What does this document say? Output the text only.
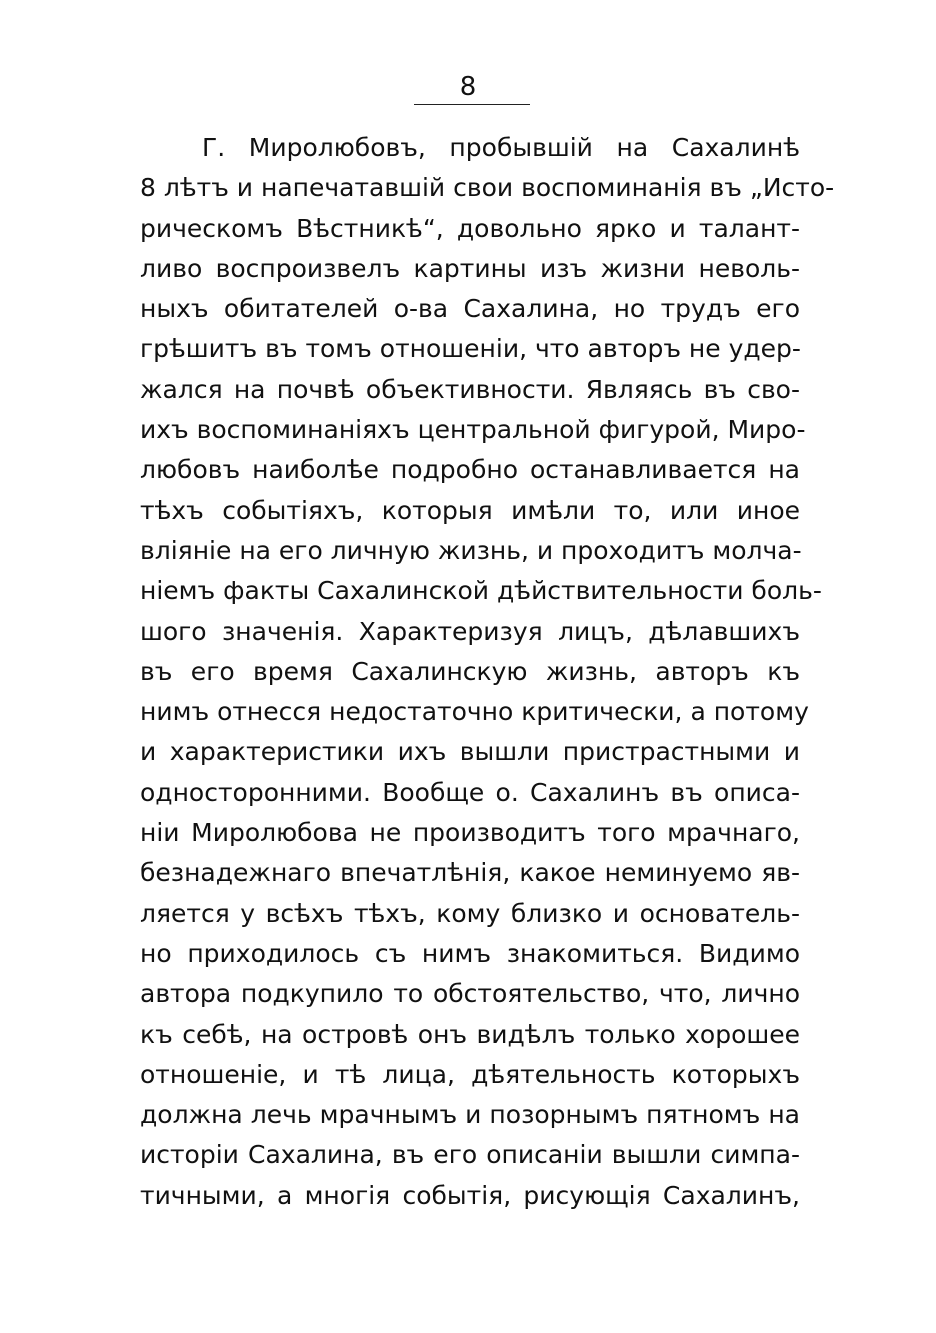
8
Г. Миролюбовъ, пробывшій на Сахалинѣ
8 лѣтъ и напечатавшій свои воспоминанія въ „Исто-
рическомъ Вѣстникѣ“, довольно ярко и талант-
ливо воспроизвелъ картины изъ жизни неволь-
ныхъ обитателей о-ва Сахалина, но трудъ его
грѣшитъ въ томъ отношеніи, что авторъ не удер-
жался на почвѣ объективности. Являясь въ сво-
ихъ воспоминаніяхъ центральной фигурой, Миро-
любовъ наиболѣе подробно останавливается на
тѣхъ событіяхъ, которыя имѣли то, или иное
вліяніе на его личную жизнь, и проходитъ молча-
ніемъ факты Сахалинской дѣйствительности боль-
шого значенія. Характеризуя лицъ, дѣлавшихъ
въ его время Сахалинскую жизнь, авторъ къ
нимъ отнесся недостаточно критически, а потому
и характеристики ихъ вышли пристрастными и
односторонними. Вообще о. Сахалинъ въ описа-
ніи Миролюбова не производитъ того мрачнаго,
безнадежнаго впечатлѣнія, какое неминуемо яв-
ляется у всѣхъ тѣхъ, кому близко и основатель-
но приходилось съ нимъ знакомиться. Видимо
автора подкупило то обстоятельство, что, лично
къ себѣ, на островѣ онъ видѣлъ только хорошее
отношеніе, и тѣ лица, дѣятельность которыхъ
должна лечь мрачнымъ и позорнымъ пятномъ на
исторіи Сахалина, въ его описаніи вышли симпа-
тичными, а многія событія, рисующія Сахалинъ,
